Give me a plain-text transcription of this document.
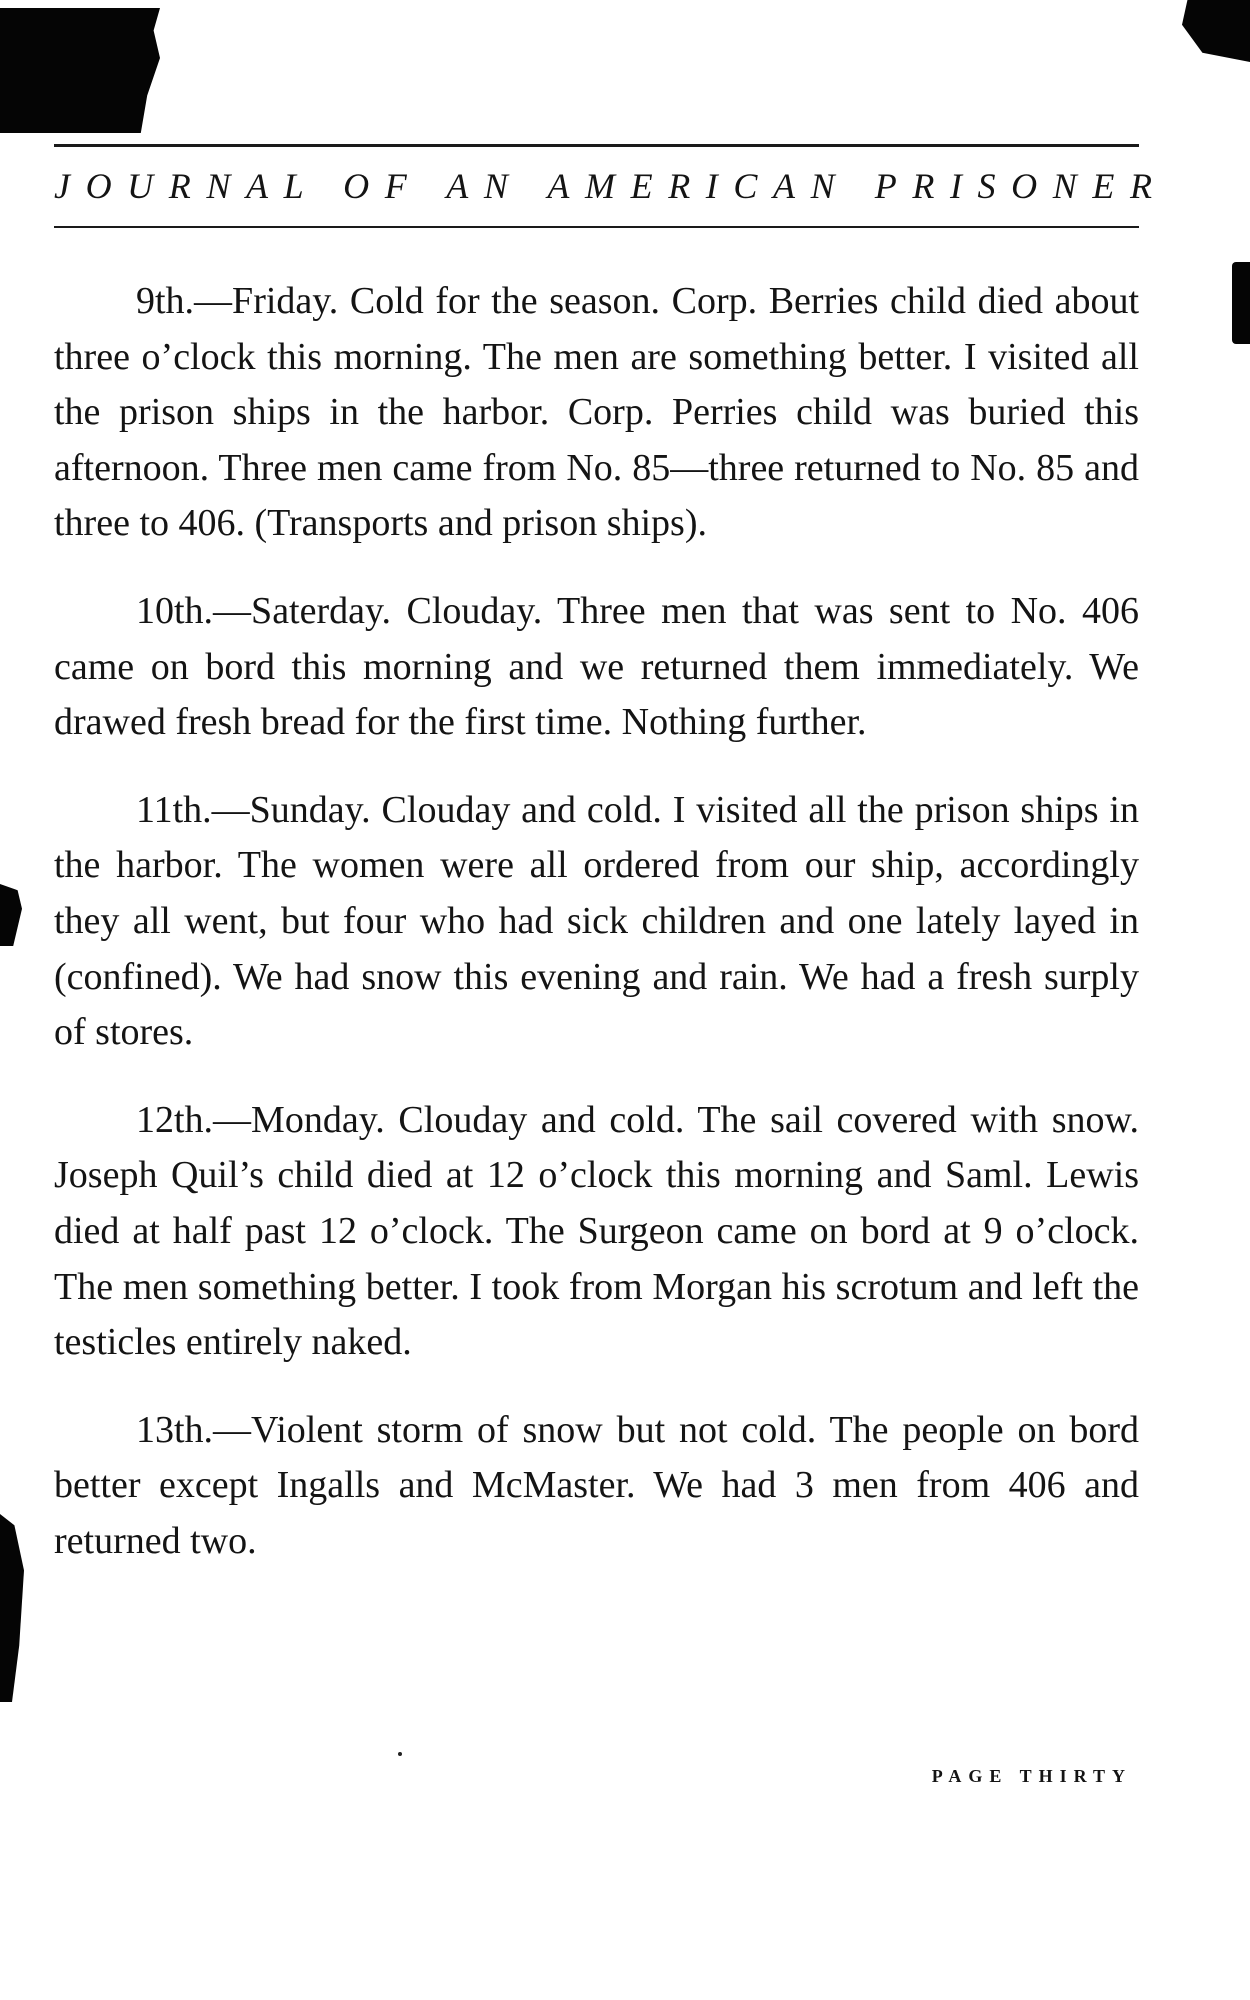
JOURNAL OF AN AMERICAN PRISONER

9th.—Friday. Cold for the season. Corp. Berries child died about three o’clock this morning. The men are something better. I visited all the prison ships in the harbor. Corp. Perries child was buried this afternoon. Three men came from No. 85—three returned to No. 85 and three to 406. (Transports and prison ships).

10th.—Saterday. Clouday. Three men that was sent to No. 406 came on bord this morning and we returned them immediately. We drawed fresh bread for the first time. Nothing further.

11th.—Sunday. Clouday and cold. I visited all the prison ships in the harbor. The women were all ordered from our ship, accordingly they all went, but four who had sick children and one lately layed in (confined). We had snow this evening and rain. We had a fresh surply of stores.

12th.—Monday. Clouday and cold. The sail covered with snow. Joseph Quil’s child died at 12 o’clock this morning and Saml. Lewis died at half past 12 o’clock. The Surgeon came on bord at 9 o’clock. The men something better. I took from Morgan his scrotum and left the testicles entirely naked.

13th.—Violent storm of snow but not cold. The people on bord better except Ingalls and McMaster. We had 3 men from 406 and returned two.

PAGE THIRTY
